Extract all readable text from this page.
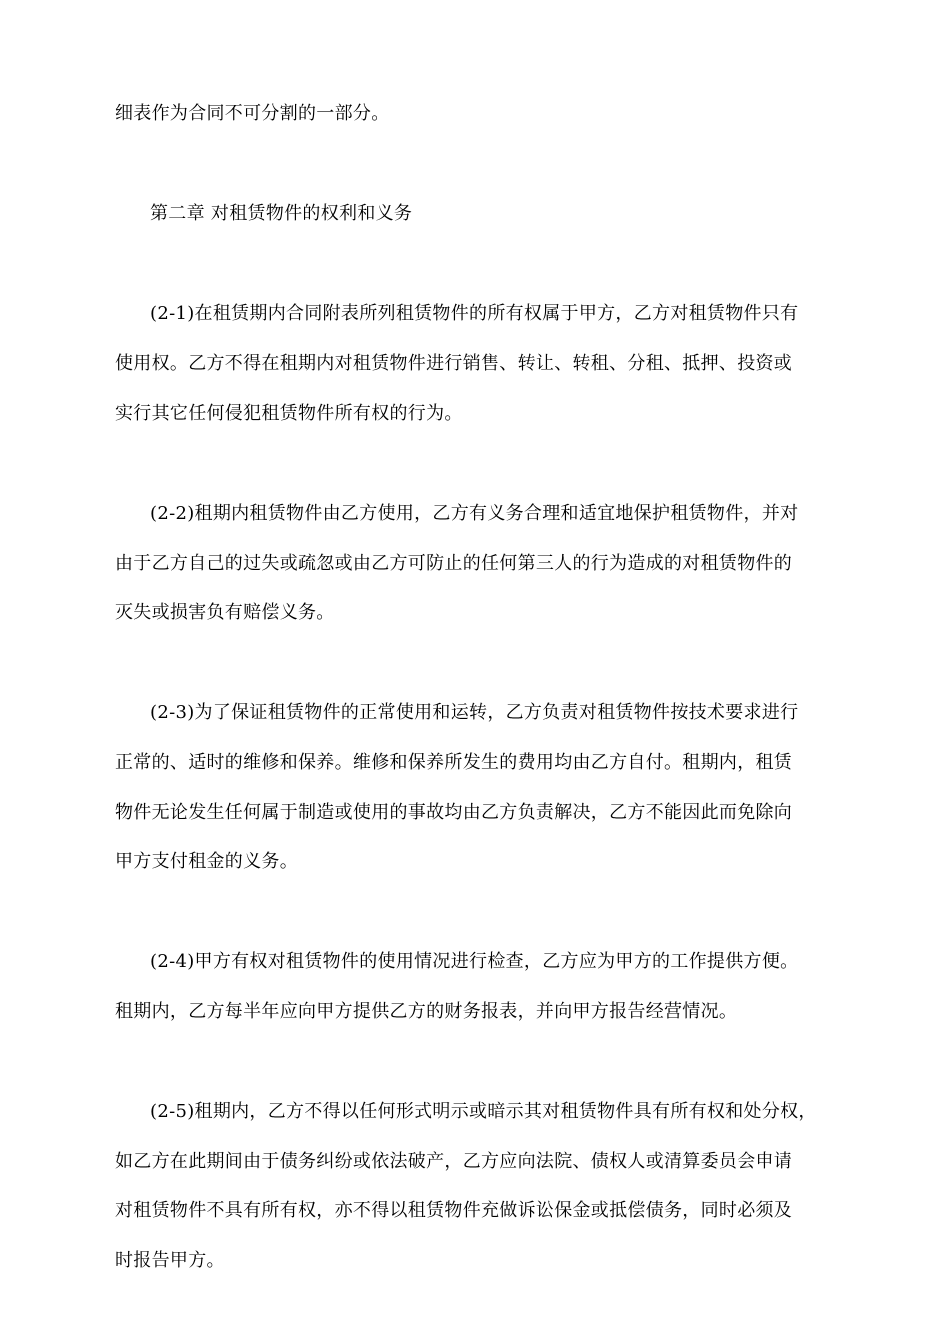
细表作为合同不可分割的一部分。
第二章 对租赁物件的权利和义务
(2-1)在租赁期内合同附表所列租赁物件的所有权属于甲方，乙方对租赁物件只有
使用权。乙方不得在租期内对租赁物件进行销售、转让、转租、分租、抵押、投资或
实行其它任何侵犯租赁物件所有权的行为。
(2-2)租期内租赁物件由乙方使用，乙方有义务合理和适宜地保护租赁物件，并对
由于乙方自己的过失或疏忽或由乙方可防止的任何第三人的行为造成的对租赁物件的
灭失或损害负有赔偿义务。
(2-3)为了保证租赁物件的正常使用和运转，乙方负责对租赁物件按技术要求进行
正常的、适时的维修和保养。维修和保养所发生的费用均由乙方自付。租期内，租赁
物件无论发生任何属于制造或使用的事故均由乙方负责解决，乙方不能因此而免除向
甲方支付租金的义务。
(2-4)甲方有权对租赁物件的使用情况进行检查，乙方应为甲方的工作提供方便。
租期内，乙方每半年应向甲方提供乙方的财务报表，并向甲方报告经营情况。
(2-5)租期内，乙方不得以任何形式明示或暗示其对租赁物件具有所有权和处分权，
如乙方在此期间由于债务纠纷或依法破产，乙方应向法院、债权人或清算委员会申请
对租赁物件不具有所有权，亦不得以租赁物件充做诉讼保金或抵偿债务，同时必须及
时报告甲方。
